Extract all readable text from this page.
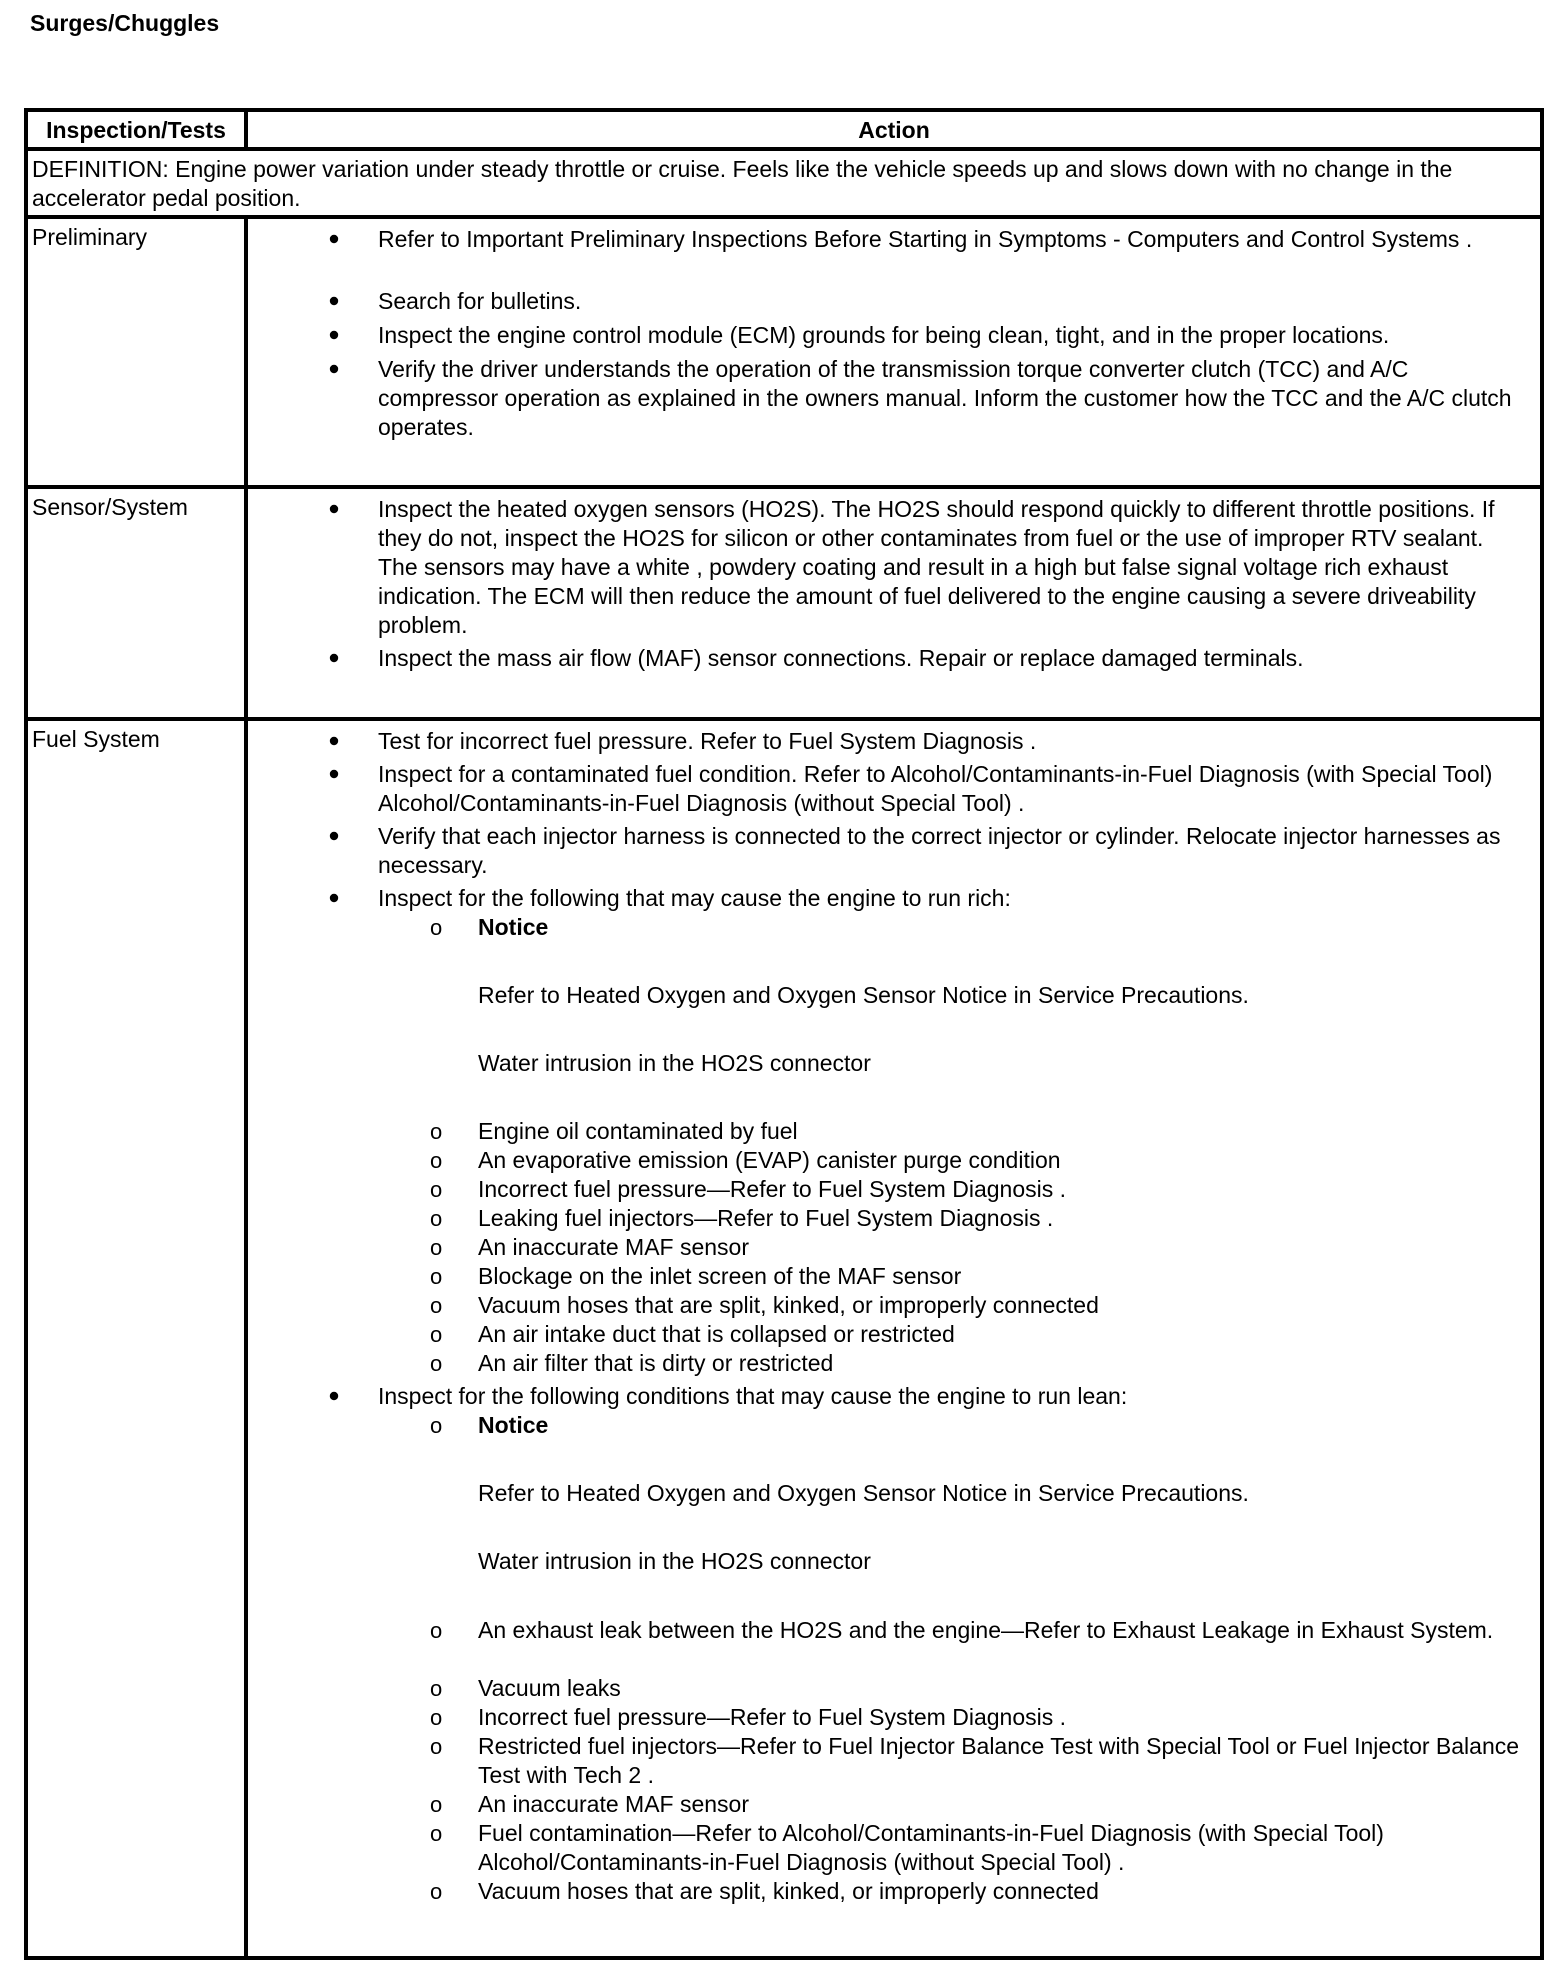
Surges/Chuggles
Inspection/Tests	Action
DEFINITION: Engine power variation under steady throttle or cruise. Feels like the vehicle speeds up and slows down with no change in the accelerator pedal position.
Preliminary	Refer to Important Preliminary Inspections Before Starting in Symptoms - Computers and Control Systems .
Search for bulletins.
Inspect the engine control module (ECM) grounds for being clean, tight, and in the proper locations.
Verify the driver understands the operation of the transmission torque converter clutch (TCC) and A/C compressor operation as explained in the owners manual. Inform the customer how the TCC and the A/C clutch operates.
Sensor/System	Inspect the heated oxygen sensors (HO2S). The HO2S should respond quickly to different throttle positions. If they do not, inspect the HO2S for silicon or other contaminates from fuel or the use of improper RTV sealant. The sensors may have a white , powdery coating and result in a high but false signal voltage rich exhaust indication. The ECM will then reduce the amount of fuel delivered to the engine causing a severe driveability problem.
Inspect the mass air flow (MAF) sensor connections. Repair or replace damaged terminals.
Fuel System	Test for incorrect fuel pressure. Refer to Fuel System Diagnosis .
Inspect for a contaminated fuel condition. Refer to Alcohol/Contaminants-in-Fuel Diagnosis (with Special Tool) Alcohol/Contaminants-in-Fuel Diagnosis (without Special Tool) .
Verify that each injector harness is connected to the correct injector or cylinder. Relocate injector harnesses as necessary.
Inspect for the following that may cause the engine to run rich:
o Notice
Refer to Heated Oxygen and Oxygen Sensor Notice in Service Precautions.
Water intrusion in the HO2S connector
o Engine oil contaminated by fuel
o An evaporative emission (EVAP) canister purge condition
o Incorrect fuel pressure—Refer to Fuel System Diagnosis .
o Leaking fuel injectors—Refer to Fuel System Diagnosis .
o An inaccurate MAF sensor
o Blockage on the inlet screen of the MAF sensor
o Vacuum hoses that are split, kinked, or improperly connected
o An air intake duct that is collapsed or restricted
o An air filter that is dirty or restricted
Inspect for the following conditions that may cause the engine to run lean:
o Notice
Refer to Heated Oxygen and Oxygen Sensor Notice in Service Precautions.
Water intrusion in the HO2S connector
o An exhaust leak between the HO2S and the engine—Refer to Exhaust Leakage in Exhaust System.
o Vacuum leaks
o Incorrect fuel pressure—Refer to Fuel System Diagnosis .
o Restricted fuel injectors—Refer to Fuel Injector Balance Test with Special Tool or Fuel Injector Balance Test with Tech 2 .
o An inaccurate MAF sensor
o Fuel contamination—Refer to Alcohol/Contaminants-in-Fuel Diagnosis (with Special Tool) Alcohol/Contaminants-in-Fuel Diagnosis (without Special Tool) .
o Vacuum hoses that are split, kinked, or improperly connected
